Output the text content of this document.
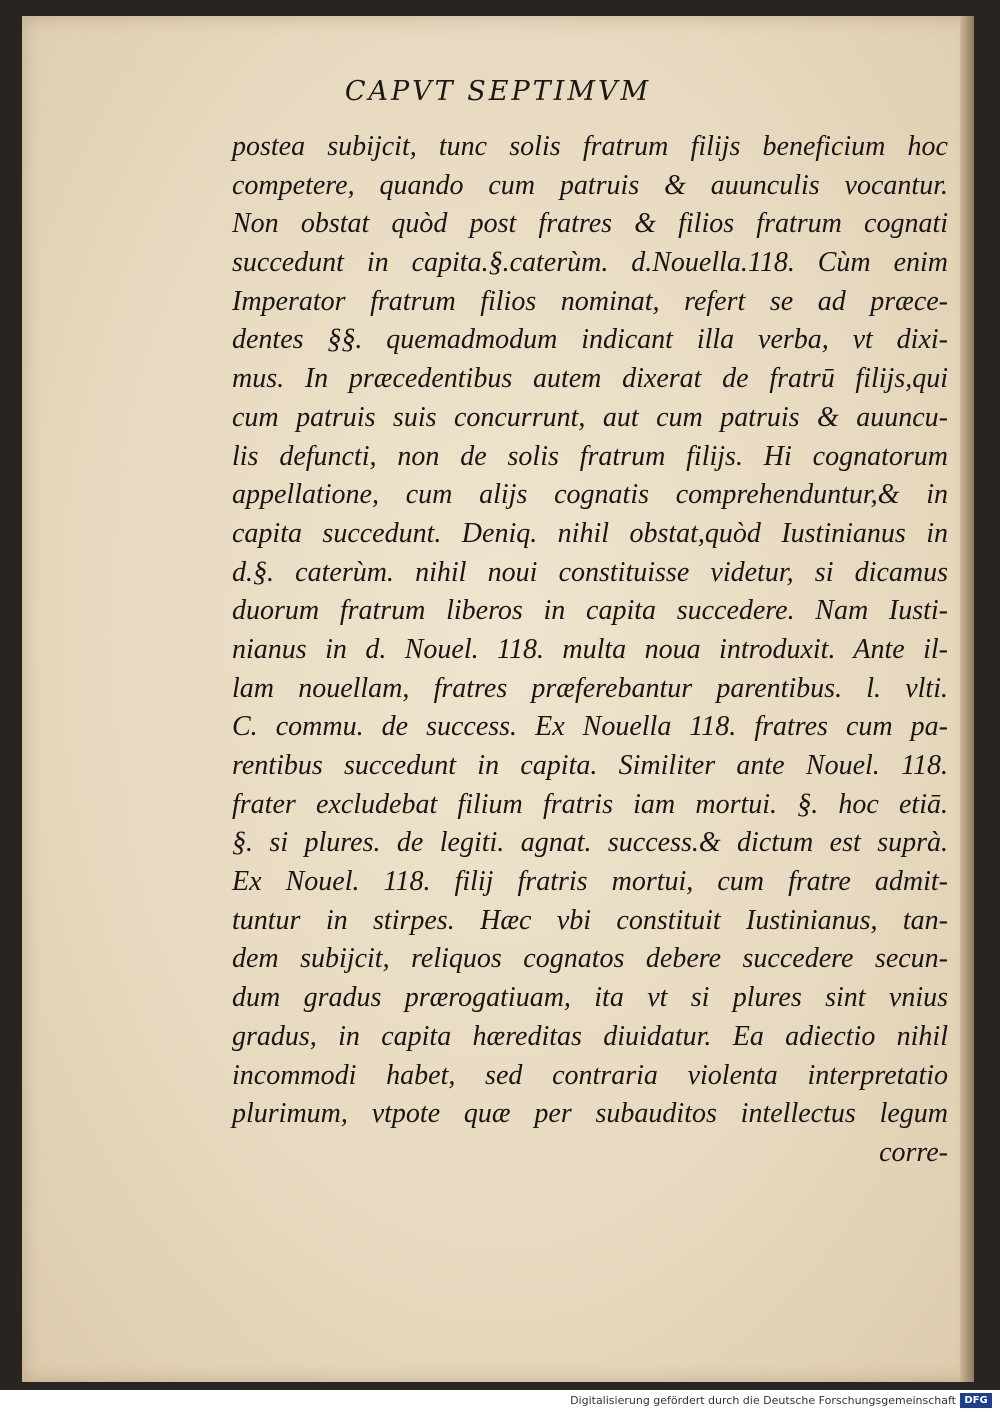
CAPVT SEPTIMVM
postea subijcit, tunc solis fratrum filijs beneficium hoc
competere, quando cum patruis & auunculis vocantur.
Non obstat quòd post fratres & filios fratrum cognati
succedunt in capita.§.caterùm. d.Nouella.118. Cùm enim
Imperator fratrum filios nominat, refert se ad præce-
dentes §§. quemadmodum indicant illa verba, vt dixi-
mus. In præcedentibus autem dixerat de fratrū filijs,qui
cum patruis suis concurrunt, aut cum patruis & auuncu-
lis defuncti, non de solis fratrum filijs. Hi cognatorum
appellatione, cum alijs cognatis comprehenduntur,& in
capita succedunt. Deniq. nihil obstat,quòd Iustinianus in
d.§. caterùm. nihil noui constituisse videtur, si dicamus
duorum fratrum liberos in capita succedere. Nam Iusti-
nianus in d. Nouel. 118. multa noua introduxit. Ante il-
lam nouellam, fratres præferebantur parentibus. l. vlti.
C. commu. de success. Ex Nouella 118. fratres cum pa-
rentibus succedunt in capita. Similiter ante Nouel. 118.
frater excludebat filium fratris iam mortui. §. hoc etiā.
§. si plures. de legiti. agnat. success.& dictum est suprà.
Ex Nouel. 118. filij fratris mortui, cum fratre admit-
tuntur in stirpes. Hæc vbi constituit Iustinianus, tan-
dem subijcit, reliquos cognatos debere succedere secun-
dum gradus prærogatiuam, ita vt si plures sint vnius
gradus, in capita hæreditas diuidatur. Ea adiectio nihil
incommodi habet, sed contraria violenta interpretatio
plurimum, vtpote quæ per subauditos intellectus legum
corre-
Digitalisierung gefördert durch die Deutsche Forschungsgemeinschaft DFG
